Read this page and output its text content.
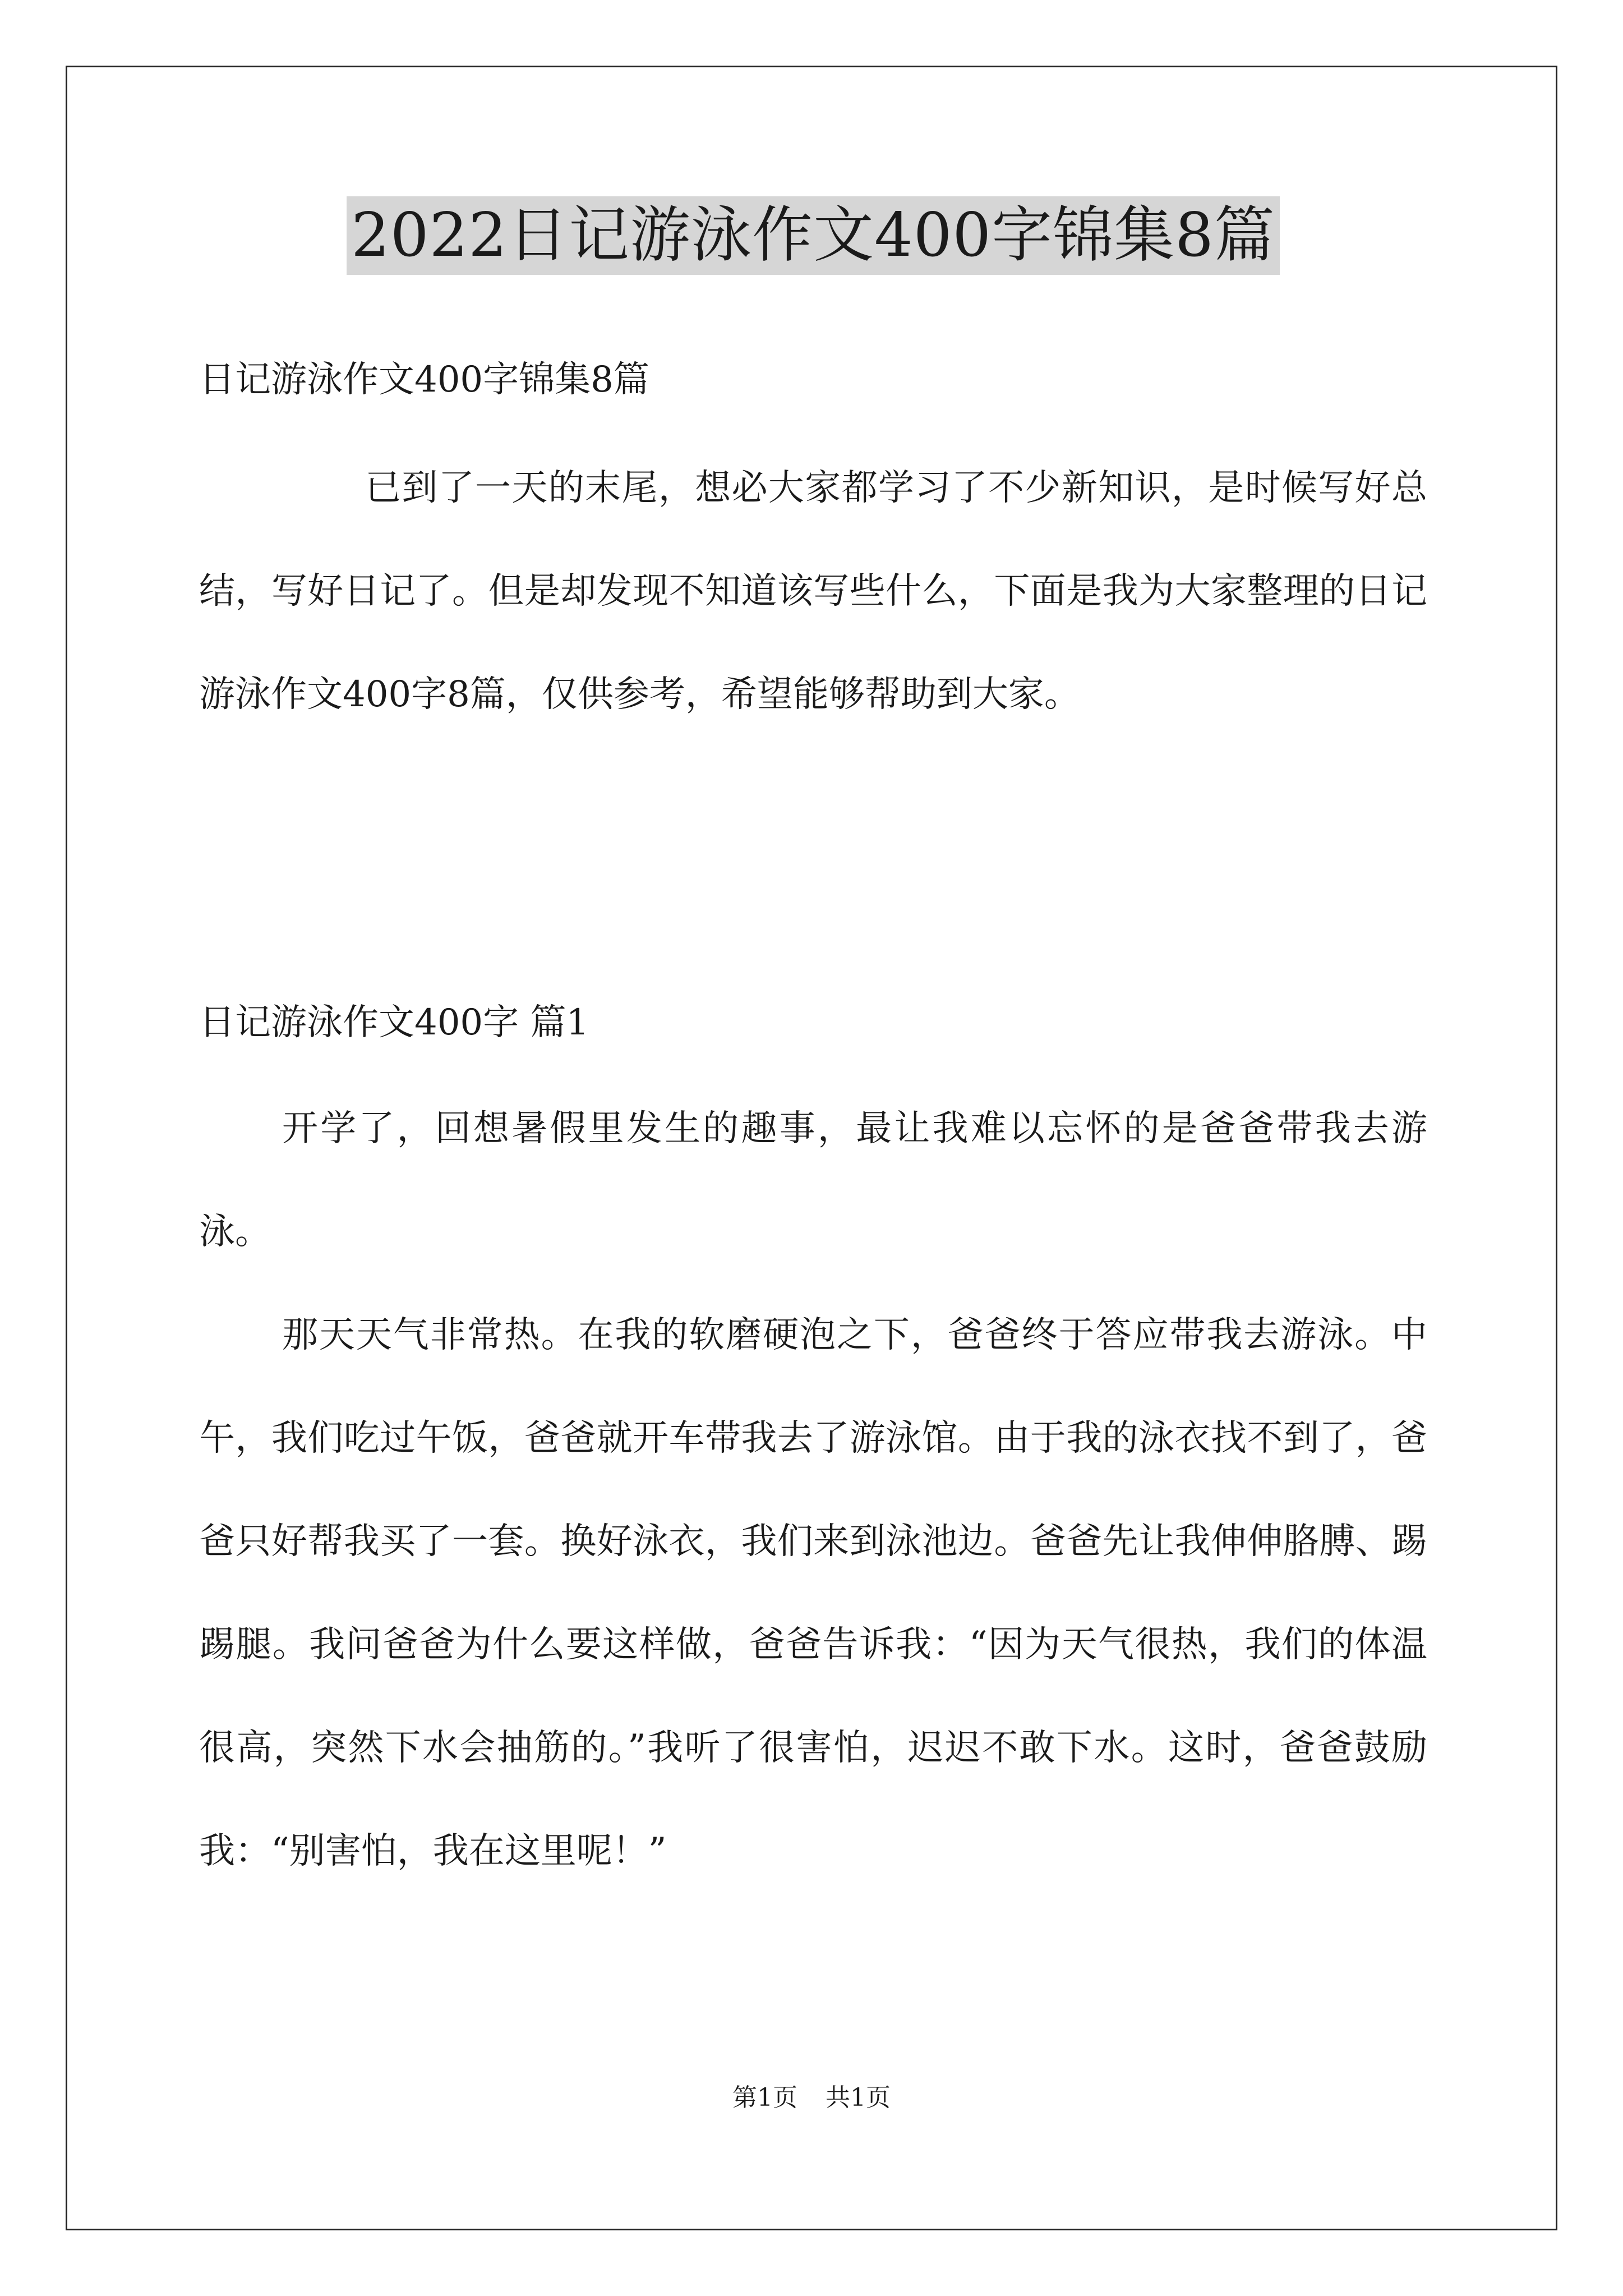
2022日记游泳作文400字锦集8篇

日记游泳作文400字锦集8篇

已到了一天的末尾，想必大家都学习了不少新知识，是时候写好总结，写好日记了。但是却发现不知道该写些什么，下面是我为大家整理的日记游泳作文400字8篇，仅供参考，希望能够帮助到大家。

日记游泳作文400字 篇1

开学了，回想暑假里发生的趣事，最让我难以忘怀的是爸爸带我去游泳。

那天天气非常热。在我的软磨硬泡之下，爸爸终于答应带我去游泳。中午，我们吃过午饭，爸爸就开车带我去了游泳馆。由于我的泳衣找不到了，爸爸只好帮我买了一套。换好泳衣，我们来到泳池边。爸爸先让我伸伸胳膊、踢踢腿。我问爸爸为什么要这样做，爸爸告诉我：“因为天气很热，我们的体温很高，突然下水会抽筋的。”我听了很害怕，迟迟不敢下水。这时，爸爸鼓励我：“别害怕，我在这里呢！”

第1页 共1页
